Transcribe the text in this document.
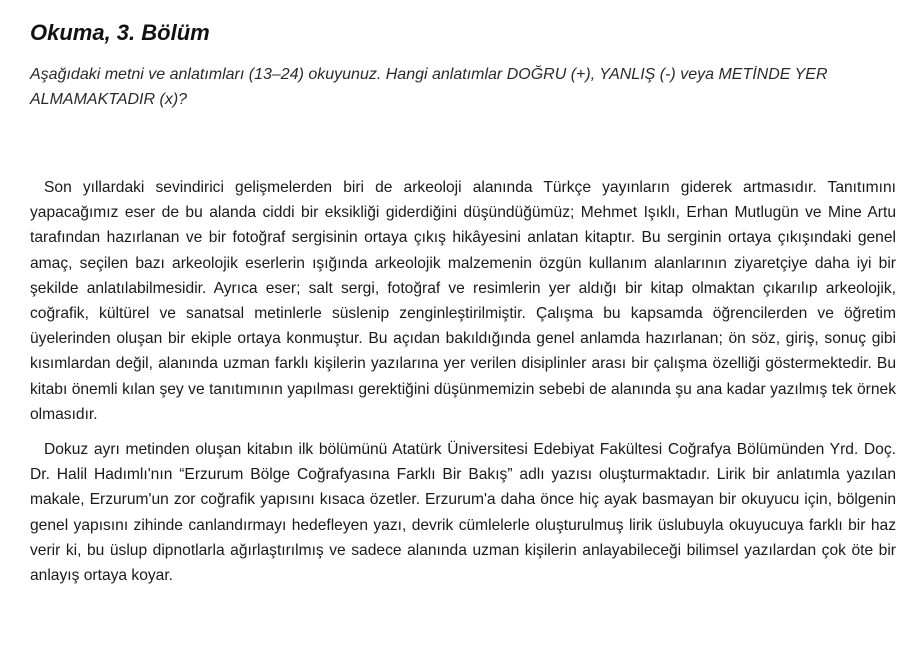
Okuma, 3. Bölüm

Aşağıdaki metni ve anlatımları (13–24) okuyunuz. Hangi anlatımlar DOĞRU (+), YANLIŞ (-) veya METİNDE YER ALMAMAKTADIR (x)?

Son yıllardaki sevindirici gelişmelerden biri de arkeoloji alanında Türkçe yayınların giderek artmasıdır. Tanıtımını yapacağımız eser de bu alanda ciddi bir eksikliği giderdiğini düşündüğümüz; Mehmet Işıklı, Erhan Mutlugün ve Mine Artu tarafından hazırlanan ve bir fotoğraf sergisinin ortaya çıkış hikâyesini anlatan kitaptır. Bu serginin ortaya çıkışındaki genel amaç, seçilen bazı arkeolojik eserlerin ışığında arkeolojik malzemenin özgün kullanım alanlarının ziyaretçiye daha iyi bir şekilde anlatılabilmesidir. Ayrıca eser; salt sergi, fotoğraf ve resimlerin yer aldığı bir kitap olmaktan çıkarılıp arkeolojik, coğrafik, kültürel ve sanatsal metinlerle süslenip zenginleştirilmiştir. Çalışma bu kapsamda öğrencilerden ve öğretim üyelerinden oluşan bir ekiple ortaya konmuştur. Bu açıdan bakıldığında genel anlamda hazırlanan; ön söz, giriş, sonuç gibi kısımlardan değil, alanında uzman farklı kişilerin yazılarına yer verilen disiplinler arası bir çalışma özelliği göstermektedir. Bu kitabı önemli kılan şey ve tanıtımının yapılması gerektiğini düşünmemizin sebebi de alanında şu ana kadar yazılmış tek örnek olmasıdır.

Dokuz ayrı metinden oluşan kitabın ilk bölümünü Atatürk Üniversitesi Edebiyat Fakültesi Coğrafya Bölümünden Yrd. Doç. Dr. Halil Hadımlı'nın “Erzurum Bölge Coğrafyasına Farklı Bir Bakış” adlı yazısı oluşturmaktadır. Lirik bir anlatımla yazılan makale, Erzurum'un zor coğrafik yapısını kısaca özetler. Erzurum'a daha önce hiç ayak basmayan bir okuyucu için, bölgenin genel yapısını zihinde canlandırmayı hedefleyen yazı, devrik cümlelerle oluşturulmuş lirik üslubuyla okuyucuya farklı bir haz verir ki, bu üslup dipnotlarla ağırlaştırılmış ve sadece alanında uzman kişilerin anlayabileceği bilimsel yazılardan çok öte bir anlayış ortaya koyar.
